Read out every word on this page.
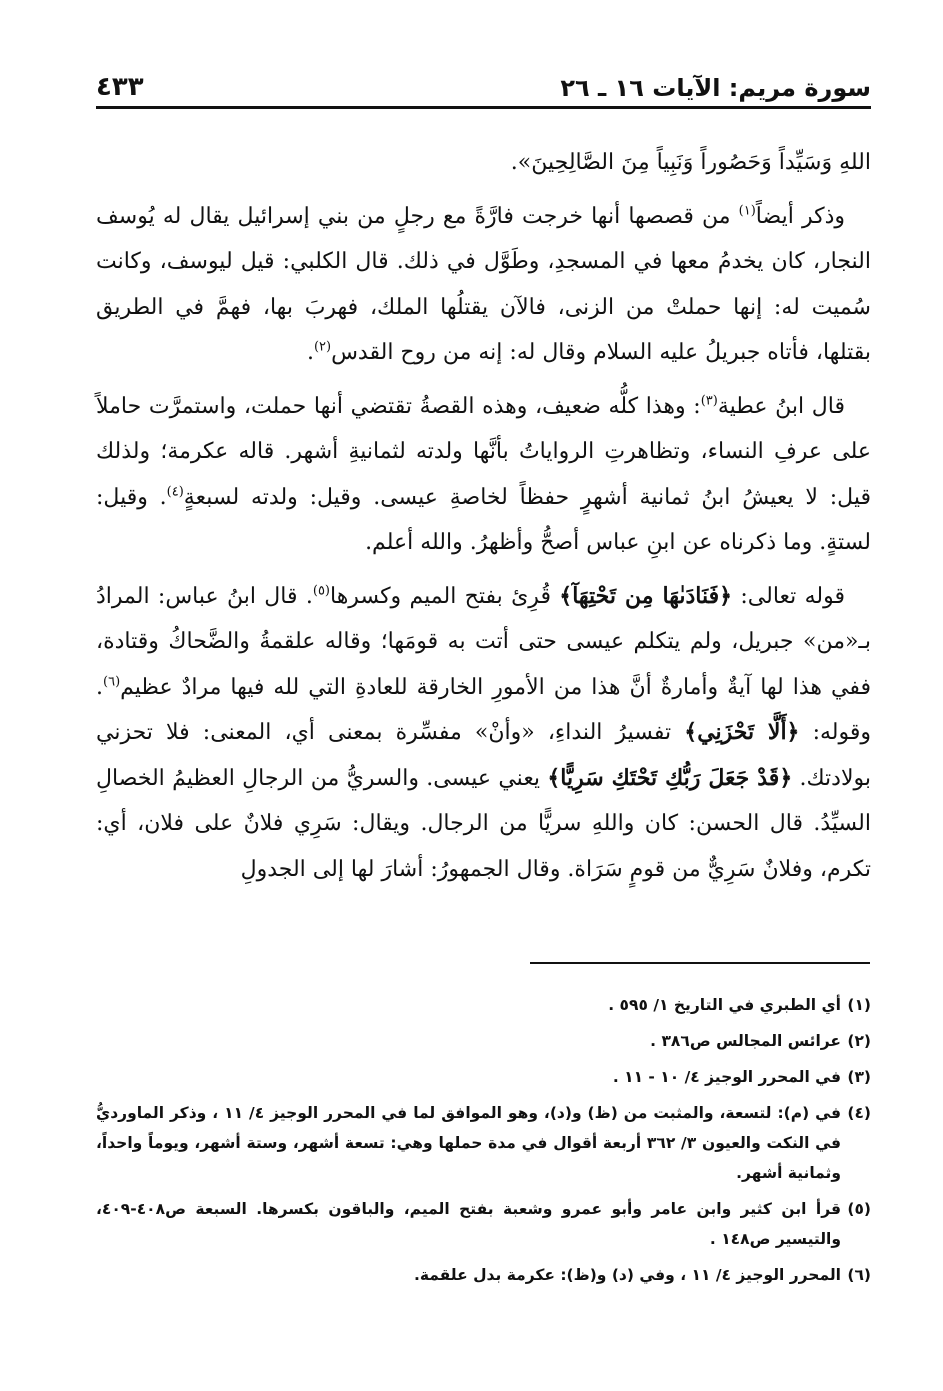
سورة مريم: الآيات ١٦ ـ ٢٦
٤٣٣

اللهِ وَسَيِّداً وَحَصُوراً وَنَبِياً مِنَ الصَّالِحِينَ».

وذكر أيضاً$^{(١)}$ من قصصها أنها خرجت فارَّةً مع رجلٍ من بني إسرائيل يقال له يُوسف النجار، كان يخدمُ معها في المسجدِ، وطَوَّل في ذلك. قال الكلبي: قيل ليوسف، وكانت سُميت له: إنها حملتْ من الزنى، فالآن يقتلُها الملك، فهربَ بها، فهمَّ في الطريق بقتلها، فأتاه جبريلُ عليه السلام وقال له: إنه من روح القدس$^{(٢)}$.

قال ابنُ عطية$^{(٣)}$: وهذا كلُّه ضعيف، وهذه القصةُ تقتضي أنها حملت، واستمرَّت حاملاً على عرفِ النساء، وتظاهرتِ الرواياتُ بأنَّها ولدته لثمانيةِ أشهر. قاله عكرمة؛ ولذلك قيل: لا يعيشُ ابنُ ثمانية أشهرٍ حفظاً لخاصةِ عيسى. وقيل: ولدته لسبعةٍ$^{(٤)}$. وقيل: لستةٍ. وما ذكرناه عن ابنِ عباس أصحُّ وأظهرُ. والله أعلم.

قوله تعالى: ﴿فَنَادَىٰهَا مِن تَحْتِهَآ﴾ قُرِئ بفتح الميم وكسرها$^{(٥)}$. قال ابنُ عباس: المرادُ بـ«من» جبريل، ولم يتكلم عيسى حتى أتت به قومَها؛ وقاله علقمةُ والضَّحاكُ وقتادة، ففي هذا لها آيةٌ وأمارةٌ أنَّ هذا من الأمورِ الخارقة للعادةِ التي لله فيها مرادٌ عظيم$^{(٦)}$. وقوله: ﴿أَلَّا تَحْزَنِي﴾ تفسيرُ النداءِ، «وأنْ» مفسِّرة بمعنى أي، المعنى: فلا تحزني بولادتك. ﴿قَدْ جَعَلَ رَبُّكِ تَحْتَكِ سَرِيًّا﴾ يعني عيسى. والسريُّ من الرجالِ العظيمُ الخصالِ السيِّدُ. قال الحسن: كان واللهِ سريًّا من الرجال. ويقال: سَرِي فلانٌ على فلان، أي: تكرم، وفلانٌ سَرِيٌّ من قومٍ سَرَاة. وقال الجمهورُ: أشارَ لها إلى الجدولِ

(١)
أي الطبري في التاريخ ١/ ٥٩٥ .
(٢)
عرائس المجالس ص٣٨٦ .
(٣)
في المحرر الوجيز ٤/ ١٠ - ١١ .
(٤)
في (م): لتسعة، والمثبت من (ظ) و(د)، وهو الموافق لما في المحرر الوجيز ٤/ ١١ ، وذكر الماورديُّ في النكت والعيون ٣/ ٣٦٢ أربعة أقوال في مدة حملها وهي: تسعة أشهر، وستة أشهر، ويوماً واحداً، وثمانية أشهر.
(٥)
قرأ ابن كثير وابن عامر وأبو عمرو وشعبة بفتح الميم، والباقون بكسرها. السبعة ص٤٠٨-٤٠٩، والتيسير ص١٤٨ .
(٦)
المحرر الوجيز ٤/ ١١ ، وفي (د) و(ظ): عكرمة بدل علقمة.
